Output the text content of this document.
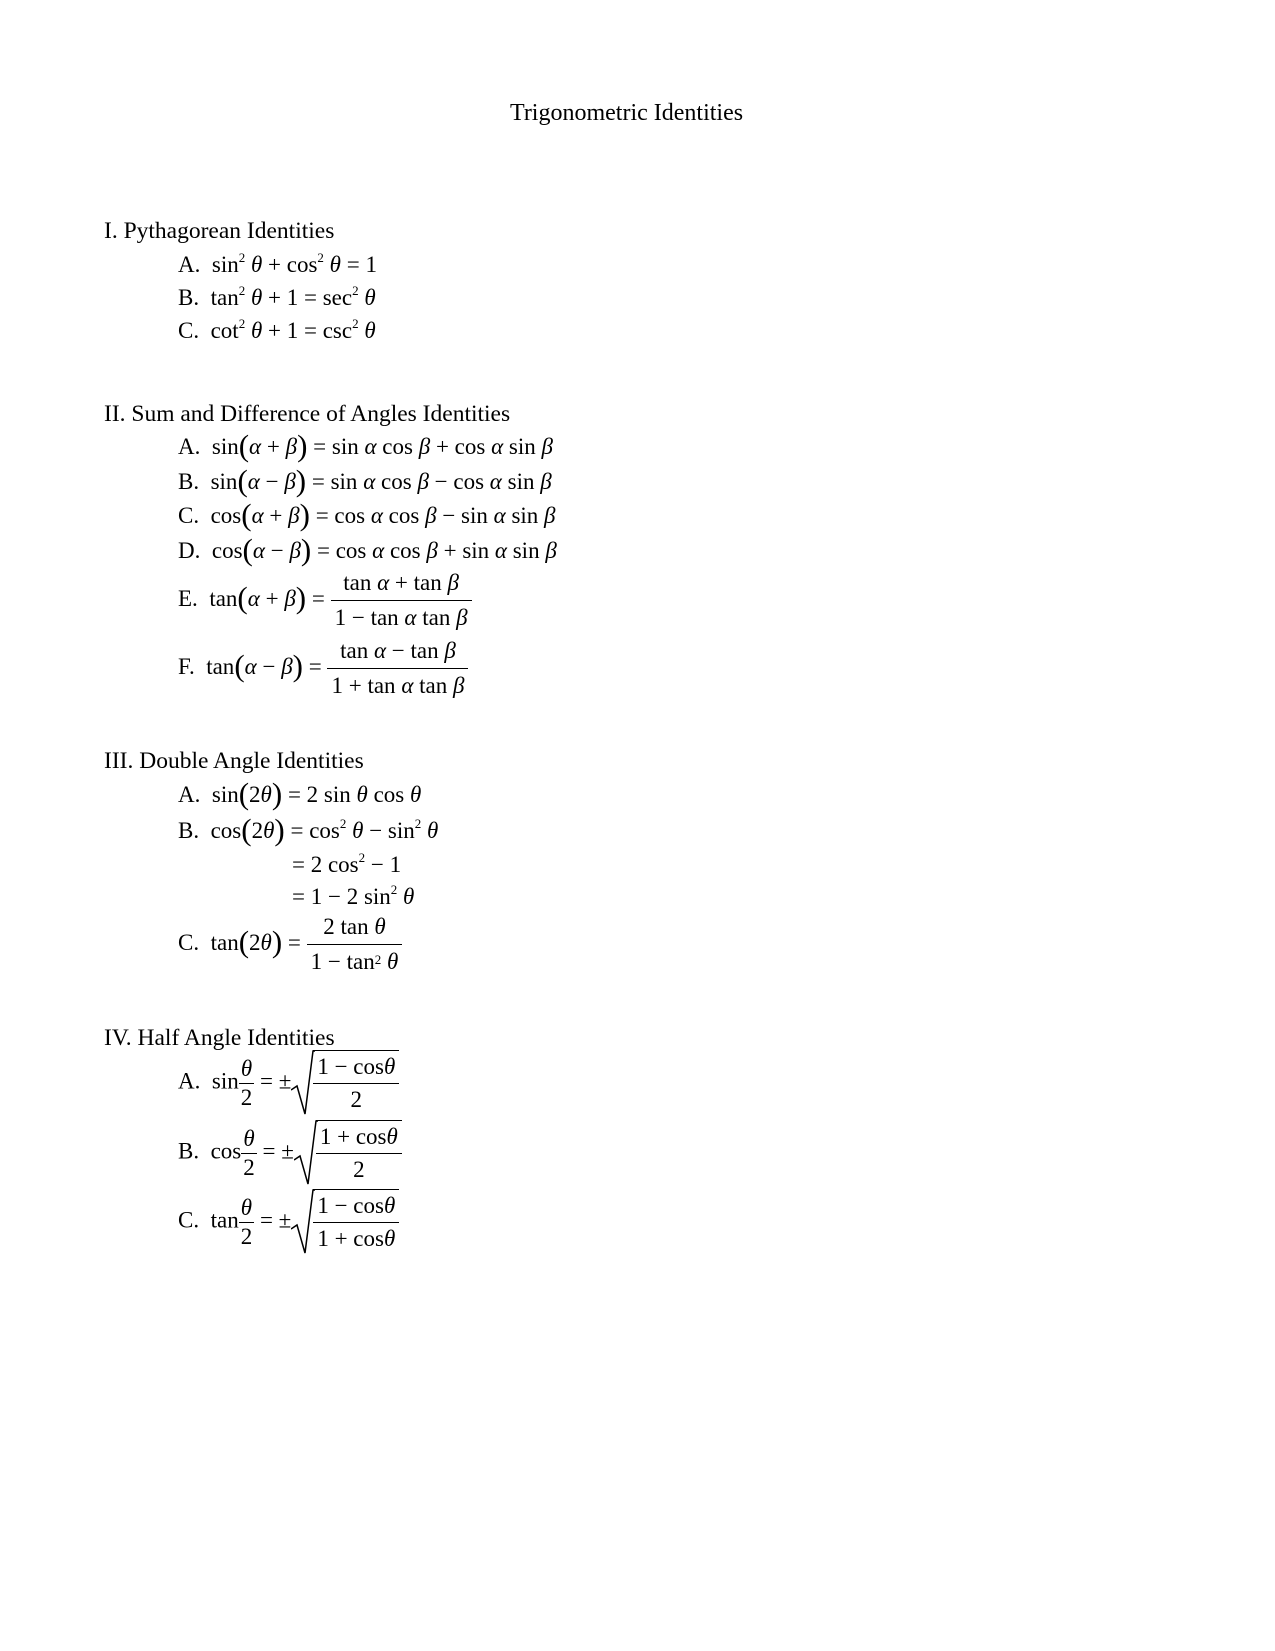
Trigonometric Identities
I. Pythagorean Identities
A.  $\sin^2 \theta + \cos^2 \theta = 1$
B.  $\tan^2 \theta + 1 = \sec^2 \theta$
C.  $\cot^2 \theta + 1 = \csc^2 \theta$
II. Sum and Difference of Angles Identities
A.  sin(α + β) = sin α cos β + cos α sin β
B.  sin(α − β) = sin α cos β − cos α sin β
C.  cos(α + β) = cos α cos β − sin α sin β
D.  cos(α − β) = cos α cos β + sin α sin β
E.  $\tan(\alpha + \beta) = \frac{\text{tan α + tan β}}{\text{1 − tan α tan β}}$
F.  $\tan(\alpha - \beta) = \frac{\text{tan α − tan β}}{\text{1 + tan α tan β}}$
III. Double Angle Identities
A.  sin(2θ) = 2 sin θ cos θ
B.  $\cos(2\theta) = \cos^2 \theta - \sin^2 \theta$
= 2 $\cos^2 - 1$
= 1 − 2 $\sin^2 \theta$
C.  $\tan(2\theta) = \frac{\text{2 tan θ}}{1 - \tan^2 \theta}$
IV. Half Angle Identities
A.  $\sin \frac{\theta}{2}$ = ± $\frac{1 - \cos\theta}{2}$
B.  $\cos \frac{\theta}{2}$ = ± $\frac{1 + \cos\theta}{2}$
C.  $\tan \frac{\theta}{2}$ = ± $\frac{1 - \cos\theta}{1 + \cos\theta}$
